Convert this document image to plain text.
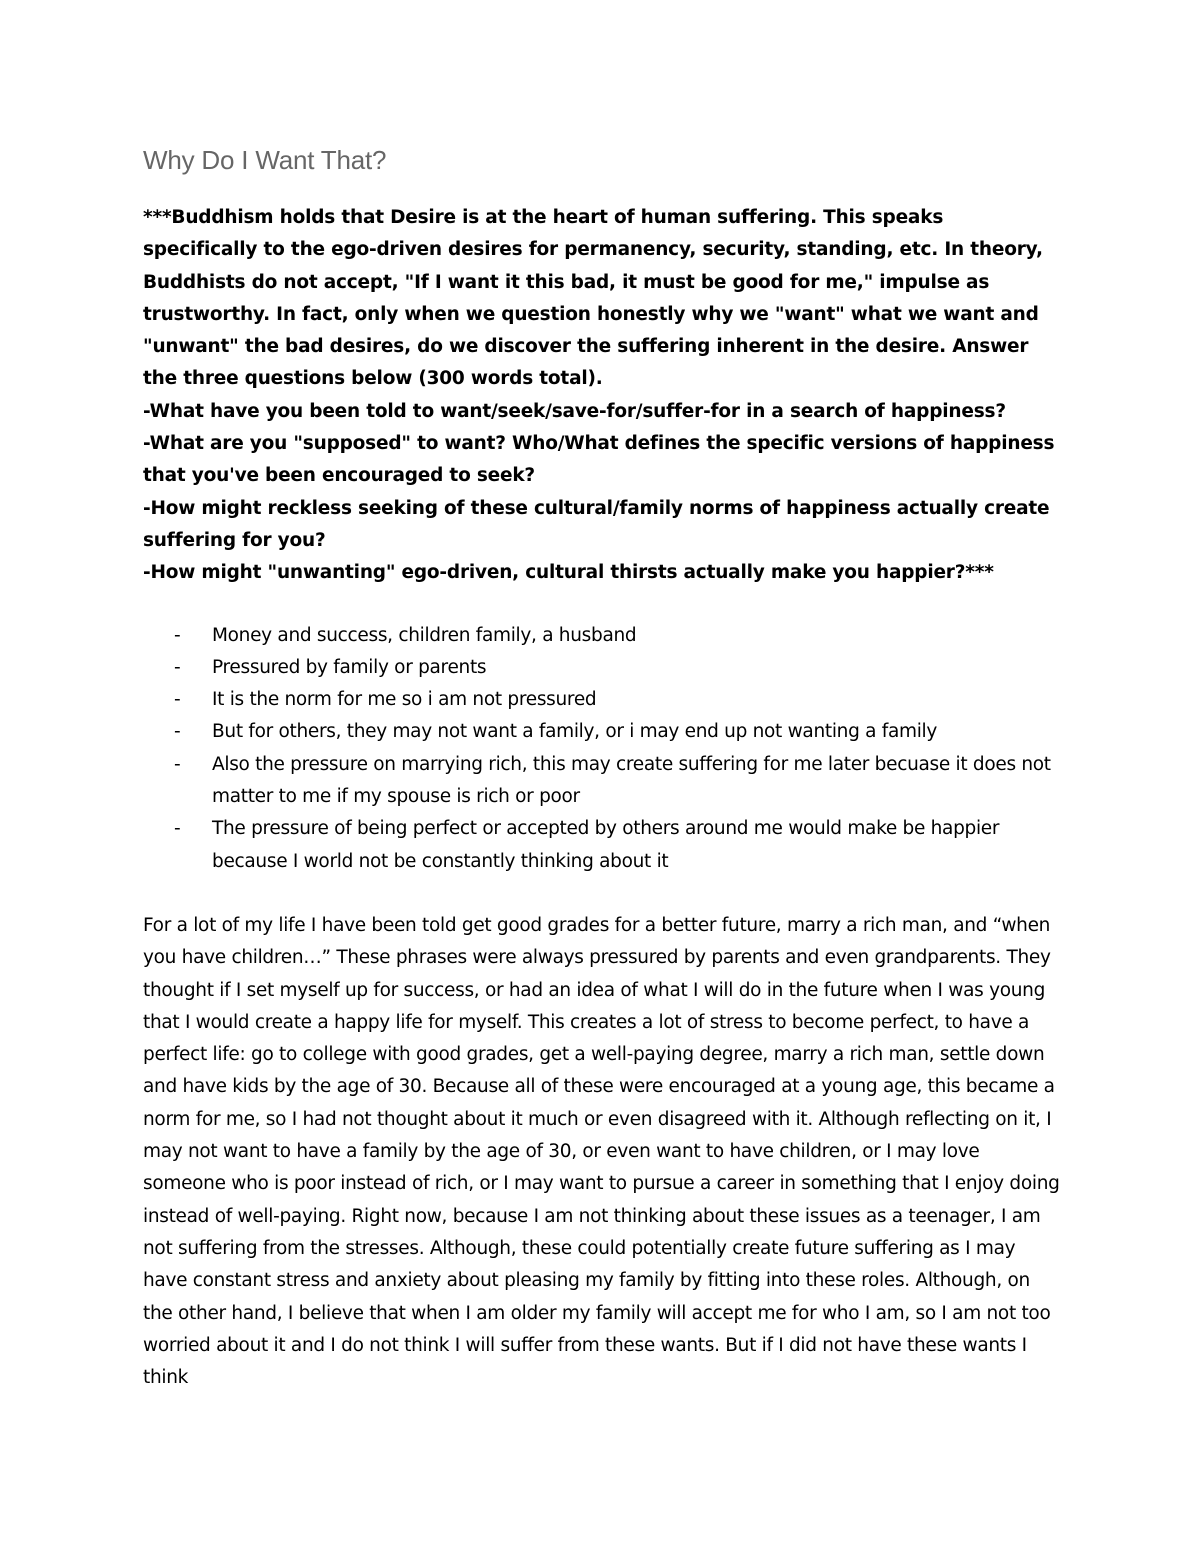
Why Do I Want That?

***Buddhism holds that Desire is at the heart of human suffering. This speaks specifically to the ego-driven desires for permanency, security, standing, etc. In theory, Buddhists do not accept, "If I want it this bad, it must be good for me," impulse as trustworthy. In fact, only when we question honestly why we "want" what we want and "unwant" the bad desires, do we discover the suffering inherent in the desire. Answer the three questions below (300 words total).

-What have you been told to want/seek/save-for/suffer-for in a search of happiness?

-What are you "supposed" to want? Who/What defines the specific versions of happiness that you've been encouraged to seek?

-How might reckless seeking of these cultural/family norms of happiness actually create suffering for you?

-How might "unwanting" ego-driven, cultural thirsts actually make you happier?***

- Money and success, children family, a husband
- Pressured by family or parents
- It is the norm for me so i am not pressured
- But for others, they may not want a family, or i may end up not wanting a family
- Also the pressure on marrying rich, this may create suffering for me later becuase it does not matter to me if my spouse is rich or poor
- The pressure of being perfect or accepted by others around me would make be happier because I world not be constantly thinking about it

For a lot of my life I have been told get good grades for a better future, marry a rich man, and “when you have children…” These phrases were always pressured by parents and even grandparents. They thought if I set myself up for success, or had an idea of what I will do in the future when I was young that I would create a happy life for myself. This creates a lot of stress to become perfect, to have a perfect life: go to college with good grades, get a well-paying degree, marry a rich man, settle down and have kids by the age of 30. Because all of these were encouraged at a young age, this became a norm for me, so I had not thought about it much or even disagreed with it. Although reflecting on it, I may not want to have a family by the age of 30, or even want to have children, or I may love someone who is poor instead of rich, or I may want to pursue a career in something that I enjoy doing instead of well-paying. Right now, because I am not thinking about these issues as a teenager, I am not suffering from the stresses. Although, these could potentially create future suffering as I may have constant stress and anxiety about pleasing my family by fitting into these roles. Although, on the other hand, I believe that when I am older my family will accept me for who I am, so I am not too worried about it and I do not think I will suffer from these wants. But if I did not have these wants I think
